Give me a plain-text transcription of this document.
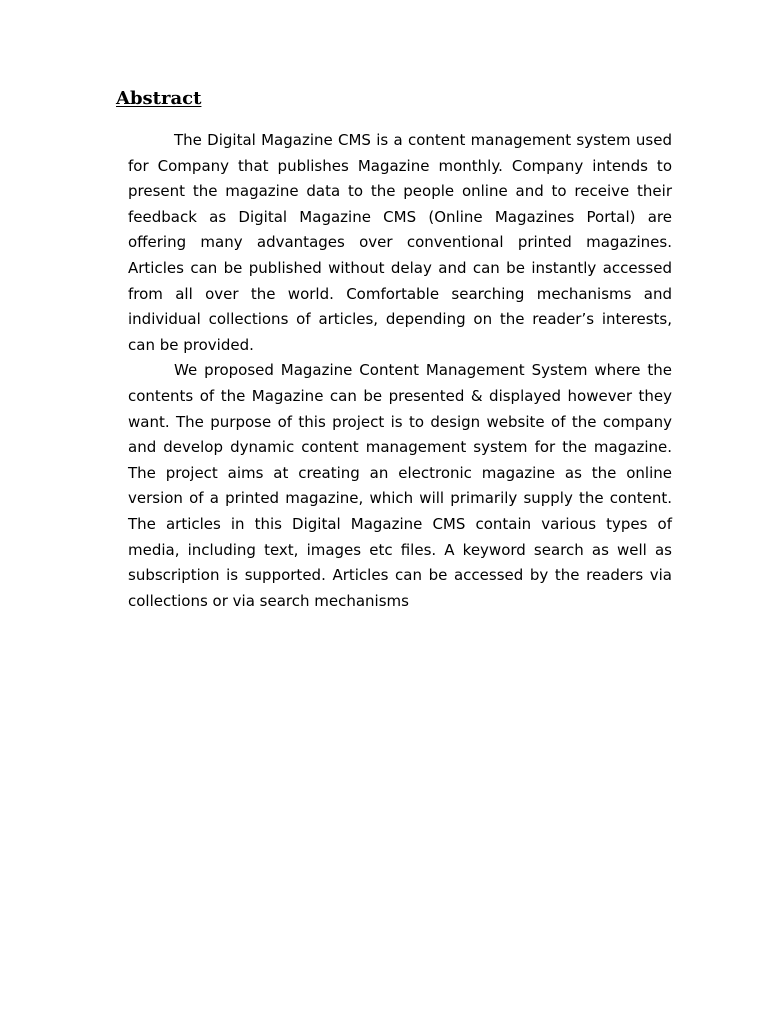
Abstract

The Digital Magazine CMS is a content management system used for Company that publishes Magazine monthly. Company intends to present the magazine data to the people online and to receive their feedback as Digital Magazine CMS (Online Magazines Portal) are offering many advantages over conventional printed magazines. Articles can be published without delay and can be instantly accessed from all over the world. Comfortable searching mechanisms and individual collections of articles, depending on the reader’s interests, can be provided.

We proposed Magazine Content Management System where the contents of the Magazine can be presented & displayed however they want. The purpose of this project is to design website of the company and develop dynamic content management system for the magazine. The project aims at creating an electronic magazine as the online version of a printed magazine, which will primarily supply the content. The articles in this Digital Magazine CMS contain various types of media, including text, images etc files. A keyword search as well as subscription is supported. Articles can be accessed by the readers via collections or via search mechanisms
